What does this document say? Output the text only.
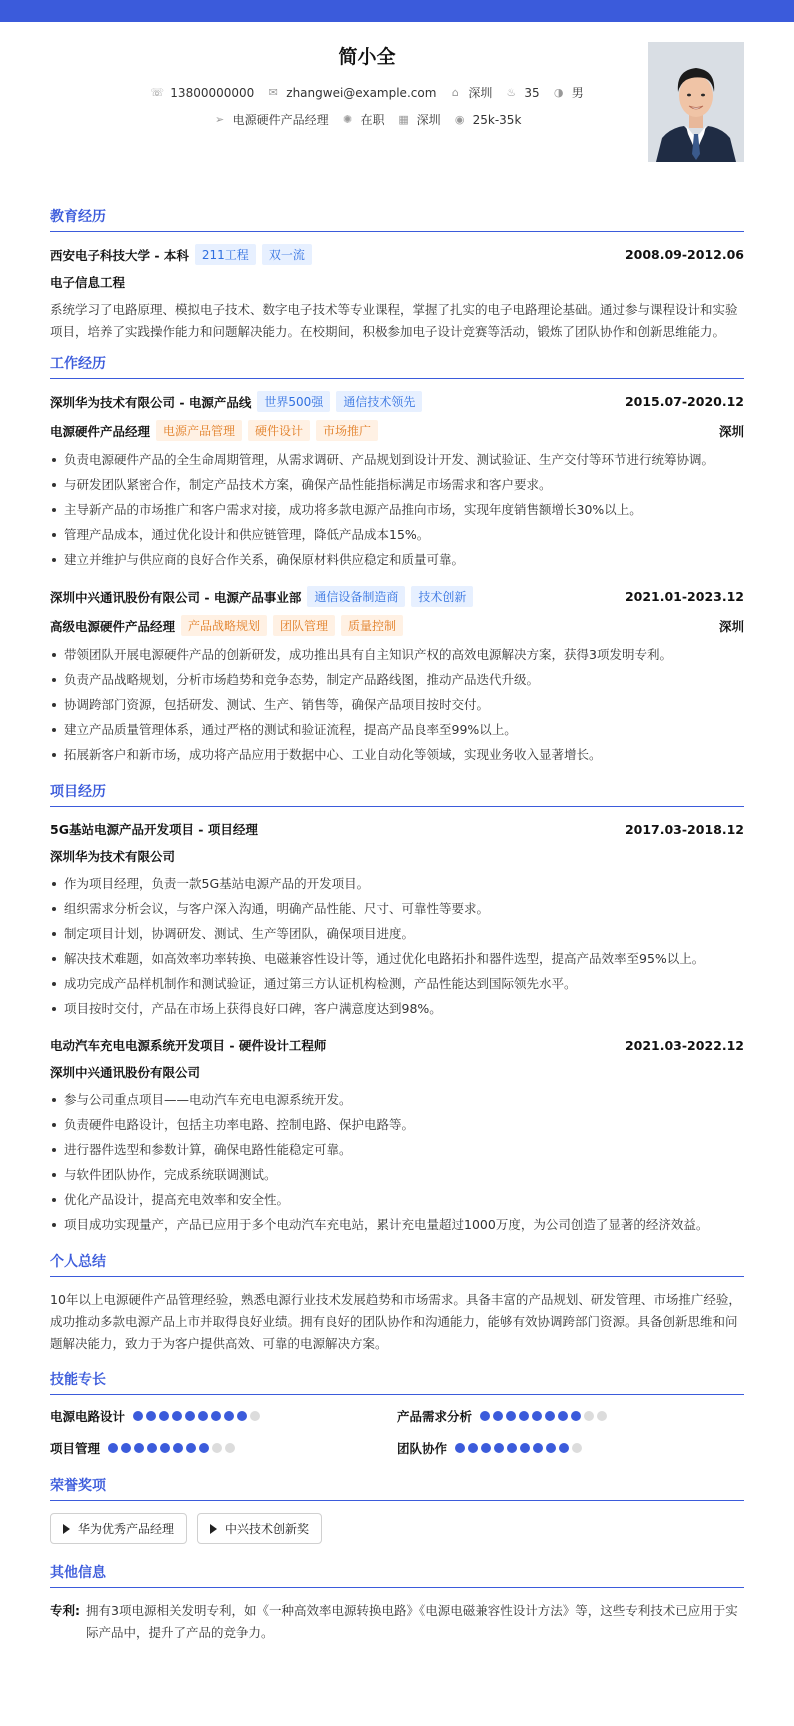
简小全
☏ 13800000000 ✉ zhangwei@example.com	⌂ 深圳 ♨ 35 ◑ 男
➢ 电源硬件产品经理 ✺ 在职 ▦ 深圳 ◉ 25k-35k
教育经历
西安电子科技大学 - 本科	211工程	双一流	2008.09-2012.06
电子信息工程
系统学习了电路原理、模拟电子技术、数字电子技术等专业课程，掌握了扎实的电子电路理论基础。通过参与课程设计和实验项目，培养了实践操作能力和问题解决能力。在校期间，积极参加电子设计竞赛等活动，锻炼了团队协作和创新思维能力。
工作经历
深圳华为技术有限公司 - 电源产品线	世界500强	通信技术领先	2015.07-2020.12
电源硬件产品经理	电源产品管理	硬件设计	市场推广	深圳
负责电源硬件产品的全生命周期管理，从需求调研、产品规划到设计开发、测试验证、生产交付等环节进行统筹协调。
与研发团队紧密合作，制定产品技术方案，确保产品性能指标满足市场需求和客户要求。
主导新产品的市场推广和客户需求对接，成功将多款电源产品推向市场，实现年度销售额增长30%以上。
管理产品成本，通过优化设计和供应链管理，降低产品成本15%。
建立并维护与供应商的良好合作关系，确保原材料供应稳定和质量可靠。
深圳中兴通讯股份有限公司 - 电源产品事业部	通信设备制造商	技术创新	2021.01-2023.12
高级电源硬件产品经理	产品战略规划	团队管理	质量控制	深圳
带领团队开展电源硬件产品的创新研发，成功推出具有自主知识产权的高效电源解决方案，获得3项发明专利。
负责产品战略规划，分析市场趋势和竞争态势，制定产品路线图，推动产品迭代升级。
协调跨部门资源，包括研发、测试、生产、销售等，确保产品项目按时交付。
建立产品质量管理体系，通过严格的测试和验证流程，提高产品良率至99%以上。
拓展新客户和新市场，成功将产品应用于数据中心、工业自动化等领域，实现业务收入显著增长。
项目经历
5G基站电源产品开发项目 - 项目经理	2017.03-2018.12
深圳华为技术有限公司
作为项目经理，负责一款5G基站电源产品的开发项目。
组织需求分析会议，与客户深入沟通，明确产品性能、尺寸、可靠性等要求。
制定项目计划，协调研发、测试、生产等团队，确保项目进度。
解决技术难题，如高效率功率转换、电磁兼容性设计等，通过优化电路拓扑和器件选型，提高产品效率至95%以上。
成功完成产品样机制作和测试验证，通过第三方认证机构检测，产品性能达到国际领先水平。
项目按时交付，产品在市场上获得良好口碑，客户满意度达到98%。
电动汽车充电电源系统开发项目 - 硬件设计工程师	2021.03-2022.12
深圳中兴通讯股份有限公司
参与公司重点项目——电动汽车充电电源系统开发。
负责硬件电路设计，包括主功率电路、控制电路、保护电路等。
进行器件选型和参数计算，确保电路性能稳定可靠。
与软件团队协作，完成系统联调测试。
优化产品设计，提高充电效率和安全性。
项目成功实现量产，产品已应用于多个电动汽车充电站，累计充电量超过1000万度，为公司创造了显著的经济效益。
个人总结
10年以上电源硬件产品管理经验，熟悉电源行业技术发展趋势和市场需求。具备丰富的产品规划、研发管理、市场推广经验，成功推动多款电源产品上市并取得良好业绩。拥有良好的团队协作和沟通能力，能够有效协调跨部门资源。具备创新思维和问题解决能力，致力于为客户提供高效、可靠的电源解决方案。
技能专长
电源电路设计	产品需求分析
项目管理	团队协作
荣誉奖项
华为优秀产品经理	中兴技术创新奖
其他信息
专利: 拥有3项电源相关发明专利，如《一种高效率电源转换电路》《电源电磁兼容性设计方法》等，这些专利技术已应用于实际产品中，提升了产品的竞争力。
